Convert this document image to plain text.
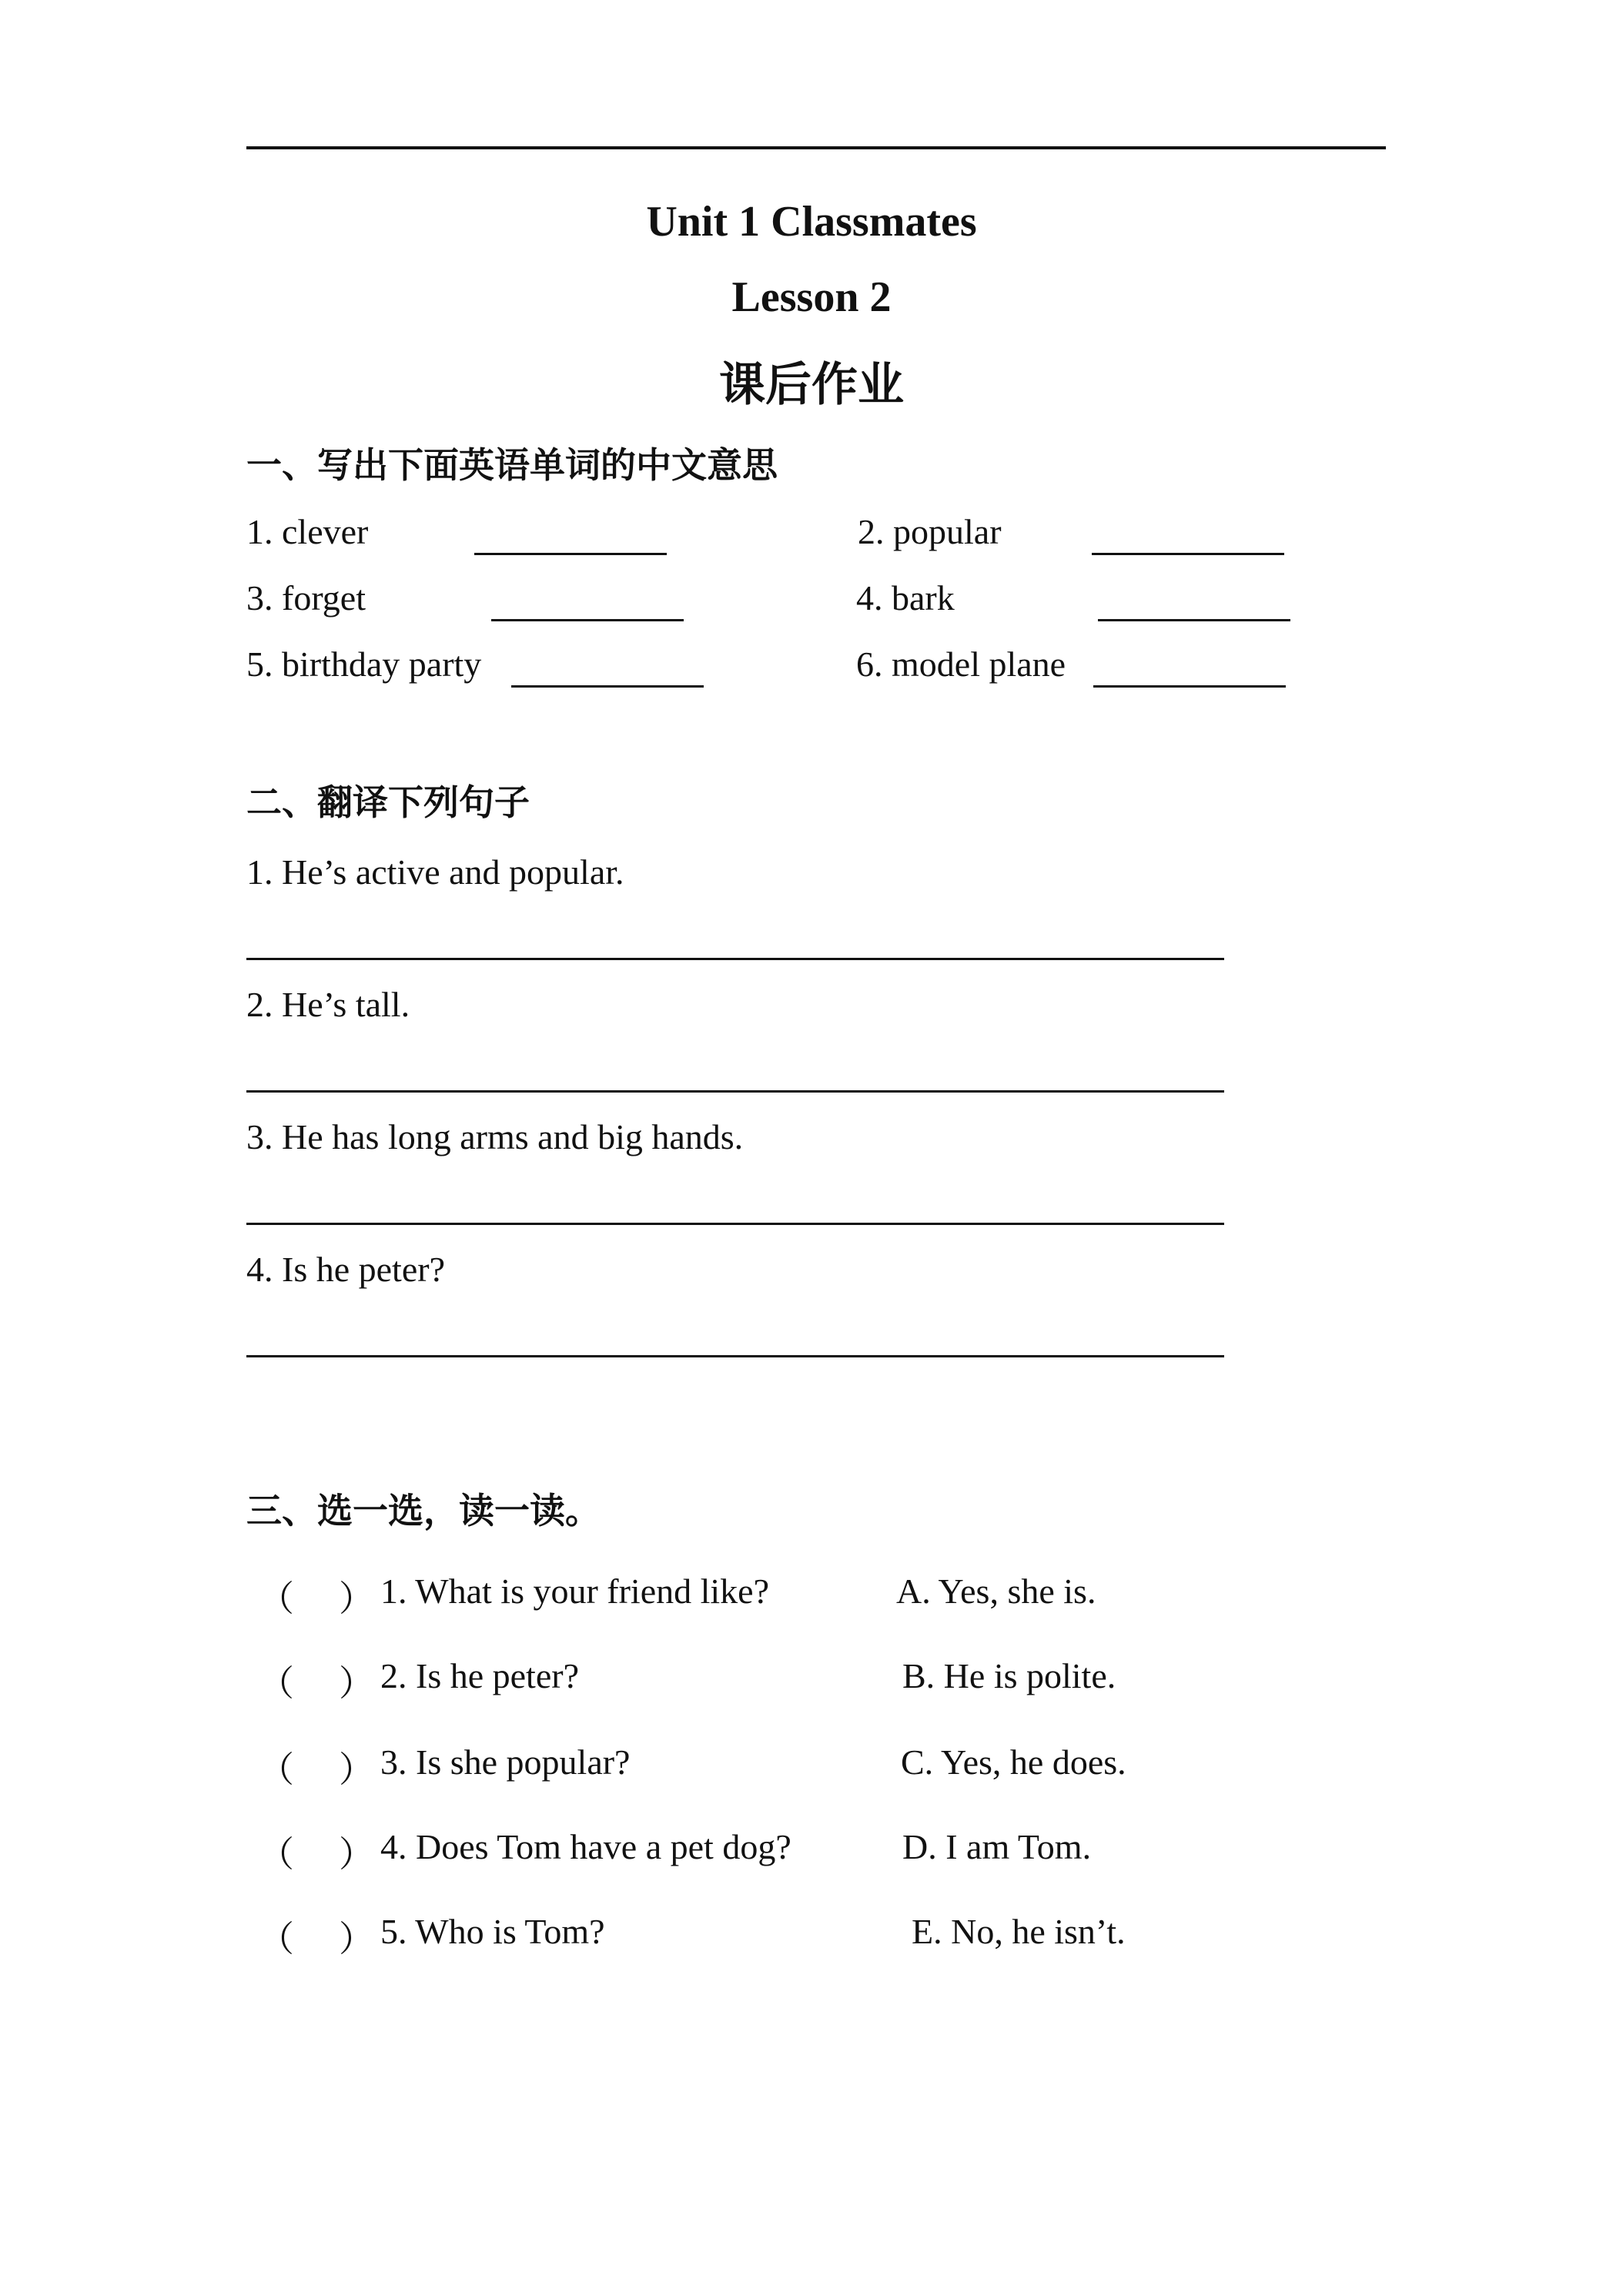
Unit 1 Classmates
Lesson 2
课后作业
一、写出下面英语单词的中文意思
1. clever	2. popular
3. forget	4. bark
5. birthday party	6. model plane
二、翻译下列句子
1. He’s active and popular.
2. He’s tall.
3. He has long arms and big hands.
4. Is he peter?
三、选一选，读一读。
（ ） 1. What is your friend like?	A. Yes, she is.
（ ） 2. Is he peter?	B. He is polite.
（ ） 3. Is she popular?	C. Yes, he does.
（ ） 4. Does Tom have a pet dog?	D. I am Tom.
（ ） 5. Who is Tom?	E. No, he isn’t.
